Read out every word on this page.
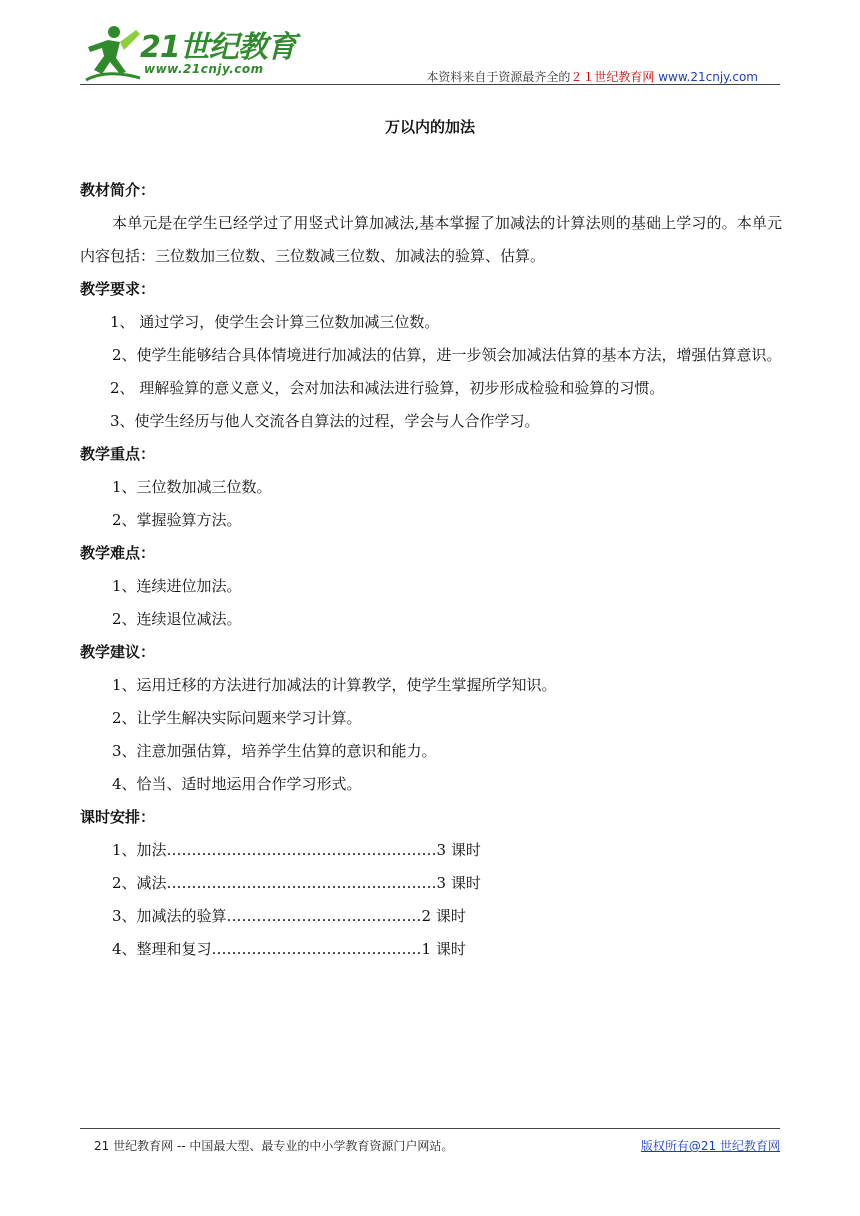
21世纪教育
www.21cnjy.com
本资料来自于资源最齐全的２１世纪教育网 www.21cnjy.com
万以内的加法
教材简介：
本单元是在学生已经学过了用竖式计算加减法,基本掌握了加减法的计算法则的基础上学习的。本单元内容包括：三位数加三位数、三位数减三位数、加减法的验算、估算。
教学要求：
1、 通过学习，使学生会计算三位数加减三位数。
2、使学生能够结合具体情境进行加减法的估算，进一步领会加减法估算的基本方法，增强估算意识。
2、 理解验算的意义意义，会对加法和减法进行验算，初步形成检验和验算的习惯。
3、使学生经历与他人交流各自算法的过程，学会与人合作学习。
教学重点：
1、三位数加减三位数。
2、掌握验算方法。
教学难点：
1、连续进位加法。
2、连续退位减法。
教学建议：
1、运用迁移的方法进行加减法的计算教学，使学生掌握所学知识。
2、让学生解决实际问题来学习计算。
3、注意加强估算，培养学生估算的意识和能力。
4、恰当、适时地运用合作学习形式。
课时安排：
1、加法………………………………………………3 课时
2、减法………………………………………………3 课时
3、加减法的验算…………………………………2 课时
4、整理和复习……………………………………1 课时
21 世纪教育网 -- 中国最大型、最专业的中小学教育资源门户网站。	版权所有@21 世纪教育网
